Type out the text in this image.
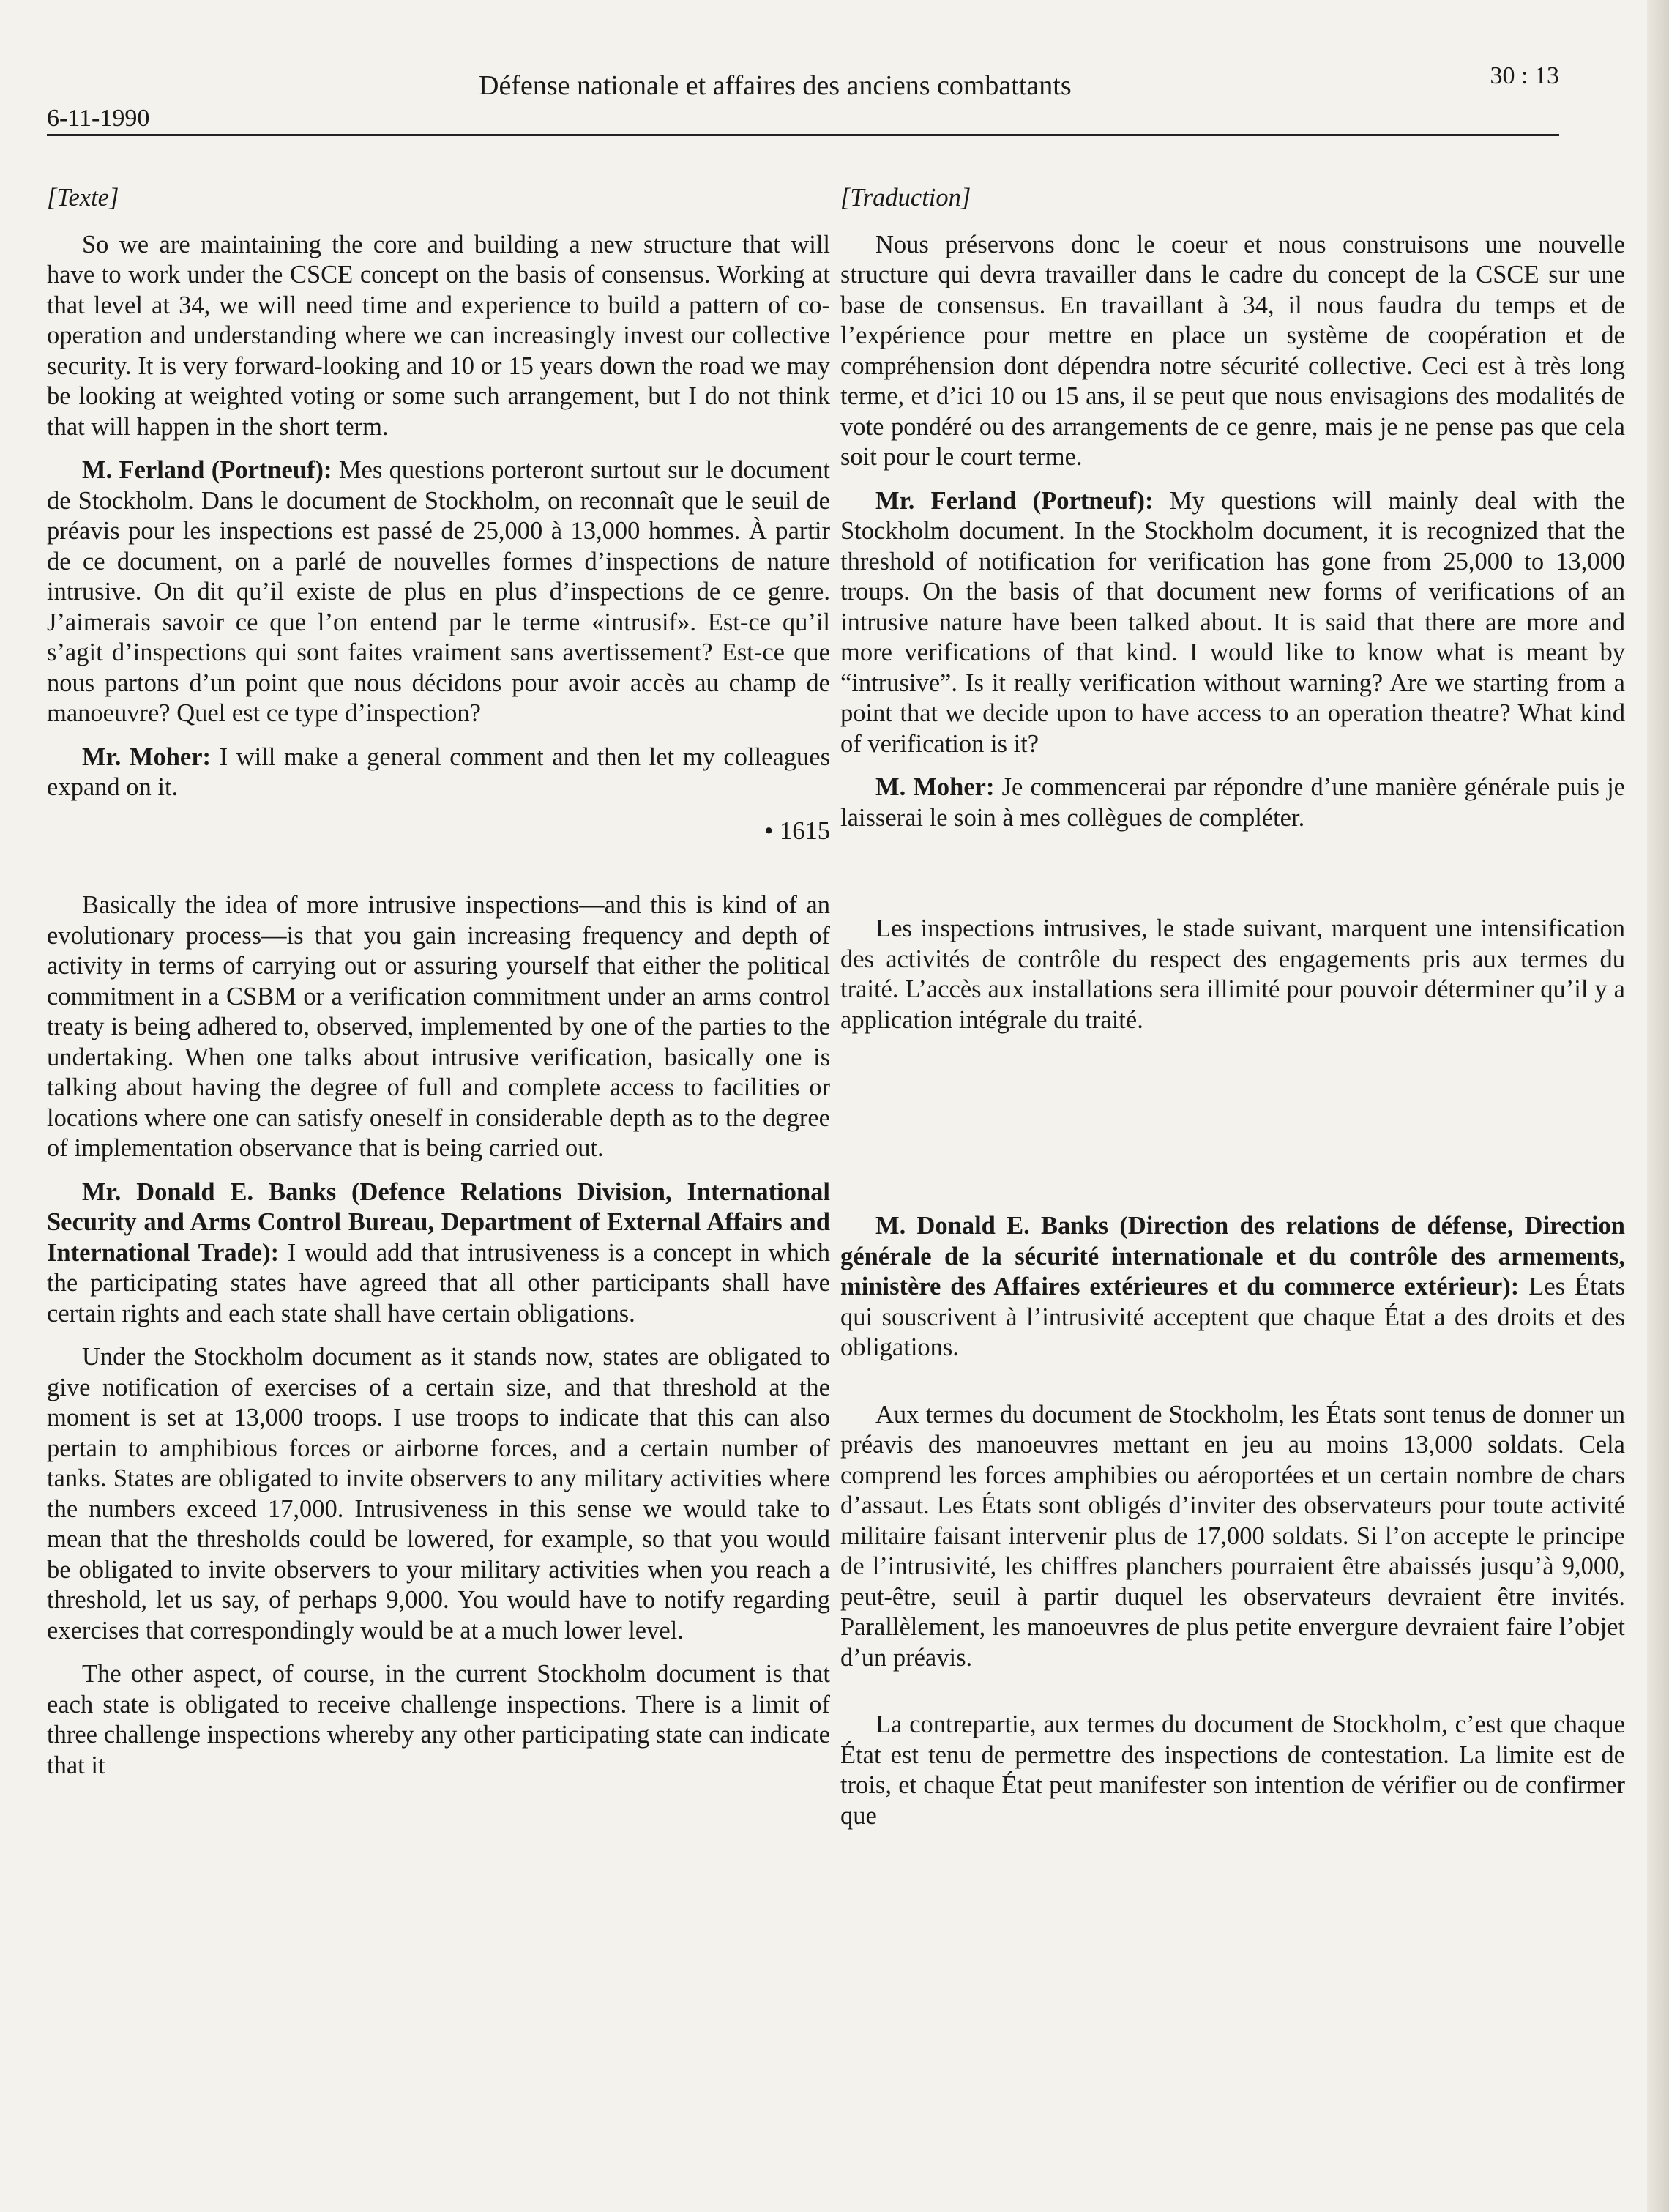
6-11-1990
Défense nationale et affaires des anciens combattants	30 : 13

[Texte]

So we are maintaining the core and building a new structure that will have to work under the CSCE concept on the basis of consensus. Working at that level at 34, we will need time and experience to build a pattern of co-operation and understanding where we can increasingly invest our collective security. It is very forward-looking and 10 or 15 years down the road we may be looking at weighted voting or some such arrangement, but I do not think that will happen in the short term.

M. Ferland (Portneuf): Mes questions porteront surtout sur le document de Stockholm. Dans le document de Stockholm, on reconnaît que le seuil de préavis pour les inspections est passé de 25,000 à 13,000 hommes. À partir de ce document, on a parlé de nouvelles formes d’inspections de nature intrusive. On dit qu’il existe de plus en plus d’inspections de ce genre. J’aimerais savoir ce que l’on entend par le terme «intrusif». Est-ce qu’il s’agit d’inspections qui sont faites vraiment sans avertissement? Est-ce que nous partons d’un point que nous décidons pour avoir accès au champ de manoeuvre? Quel est ce type d’inspection?

Mr. Moher: I will make a general comment and then let my colleagues expand on it.

• 1615

Basically the idea of more intrusive inspections—and this is kind of an evolutionary process—is that you gain increasing frequency and depth of activity in terms of carrying out or assuring yourself that either the political commitment in a CSBM or a verification commitment under an arms control treaty is being adhered to, observed, implemented by one of the parties to the undertaking. When one talks about intrusive verification, basically one is talking about having the degree of full and complete access to facilities or locations where one can satisfy oneself in considerable depth as to the degree of implementation observance that is being carried out.

Mr. Donald E. Banks (Defence Relations Division, International Security and Arms Control Bureau, Department of External Affairs and International Trade): I would add that intrusiveness is a concept in which the participating states have agreed that all other participants shall have certain rights and each state shall have certain obligations.

Under the Stockholm document as it stands now, states are obligated to give notification of exercises of a certain size, and that threshold at the moment is set at 13,000 troops. I use troops to indicate that this can also pertain to amphibious forces or airborne forces, and a certain number of tanks. States are obligated to invite observers to any military activities where the numbers exceed 17,000. Intrusiveness in this sense we would take to mean that the thresholds could be lowered, for example, so that you would be obligated to invite observers to your military activities when you reach a threshold, let us say, of perhaps 9,000. You would have to notify regarding exercises that correspondingly would be at a much lower level.

The other aspect, of course, in the current Stockholm document is that each state is obligated to receive challenge inspections. There is a limit of three challenge inspections whereby any other participating state can indicate that it

[Traduction]

Nous préservons donc le coeur et nous construisons une nouvelle structure qui devra travailler dans le cadre du concept de la CSCE sur une base de consensus. En travaillant à 34, il nous faudra du temps et de l’expérience pour mettre en place un système de coopération et de compréhension dont dépendra notre sécurité collective. Ceci est à très long terme, et d’ici 10 ou 15 ans, il se peut que nous envisagions des modalités de vote pondéré ou des arrangements de ce genre, mais je ne pense pas que cela soit pour le court terme.

Mr. Ferland (Portneuf): My questions will mainly deal with the Stockholm document. In the Stockholm document, it is recognized that the threshold of notification for verification has gone from 25,000 to 13,000 troups. On the basis of that document new forms of verifications of an intrusive nature have been talked about. It is said that there are more and more verifications of that kind. I would like to know what is meant by “intrusive”. Is it really verification without warning? Are we starting from a point that we decide upon to have access to an operation theatre? What kind of verification is it?

M. Moher: Je commencerai par répondre d’une manière générale puis je laisserai le soin à mes collègues de compléter.

Les inspections intrusives, le stade suivant, marquent une intensification des activités de contrôle du respect des engagements pris aux termes du traité. L’accès aux installations sera illimité pour pouvoir déterminer qu’il y a application intégrale du traité.

M. Donald E. Banks (Direction des relations de défense, Direction générale de la sécurité internationale et du contrôle des armements, ministère des Affaires extérieures et du commerce extérieur): Les États qui souscrivent à l’intrusivité acceptent que chaque État a des droits et des obligations.

Aux termes du document de Stockholm, les États sont tenus de donner un préavis des manoeuvres mettant en jeu au moins 13,000 soldats. Cela comprend les forces amphibies ou aéroportées et un certain nombre de chars d’assaut. Les États sont obligés d’inviter des observateurs pour toute activité militaire faisant intervenir plus de 17,000 soldats. Si l’on accepte le principe de l’intrusivité, les chiffres planchers pourraient être abaissés jusqu’à 9,000, peut-être, seuil à partir duquel les observateurs devraient être invités. Parallèlement, les manoeuvres de plus petite envergure devraient faire l’objet d’un préavis.

La contrepartie, aux termes du document de Stockholm, c’est que chaque État est tenu de permettre des inspections de contestation. La limite est de trois, et chaque État peut manifester son intention de vérifier ou de confirmer que
